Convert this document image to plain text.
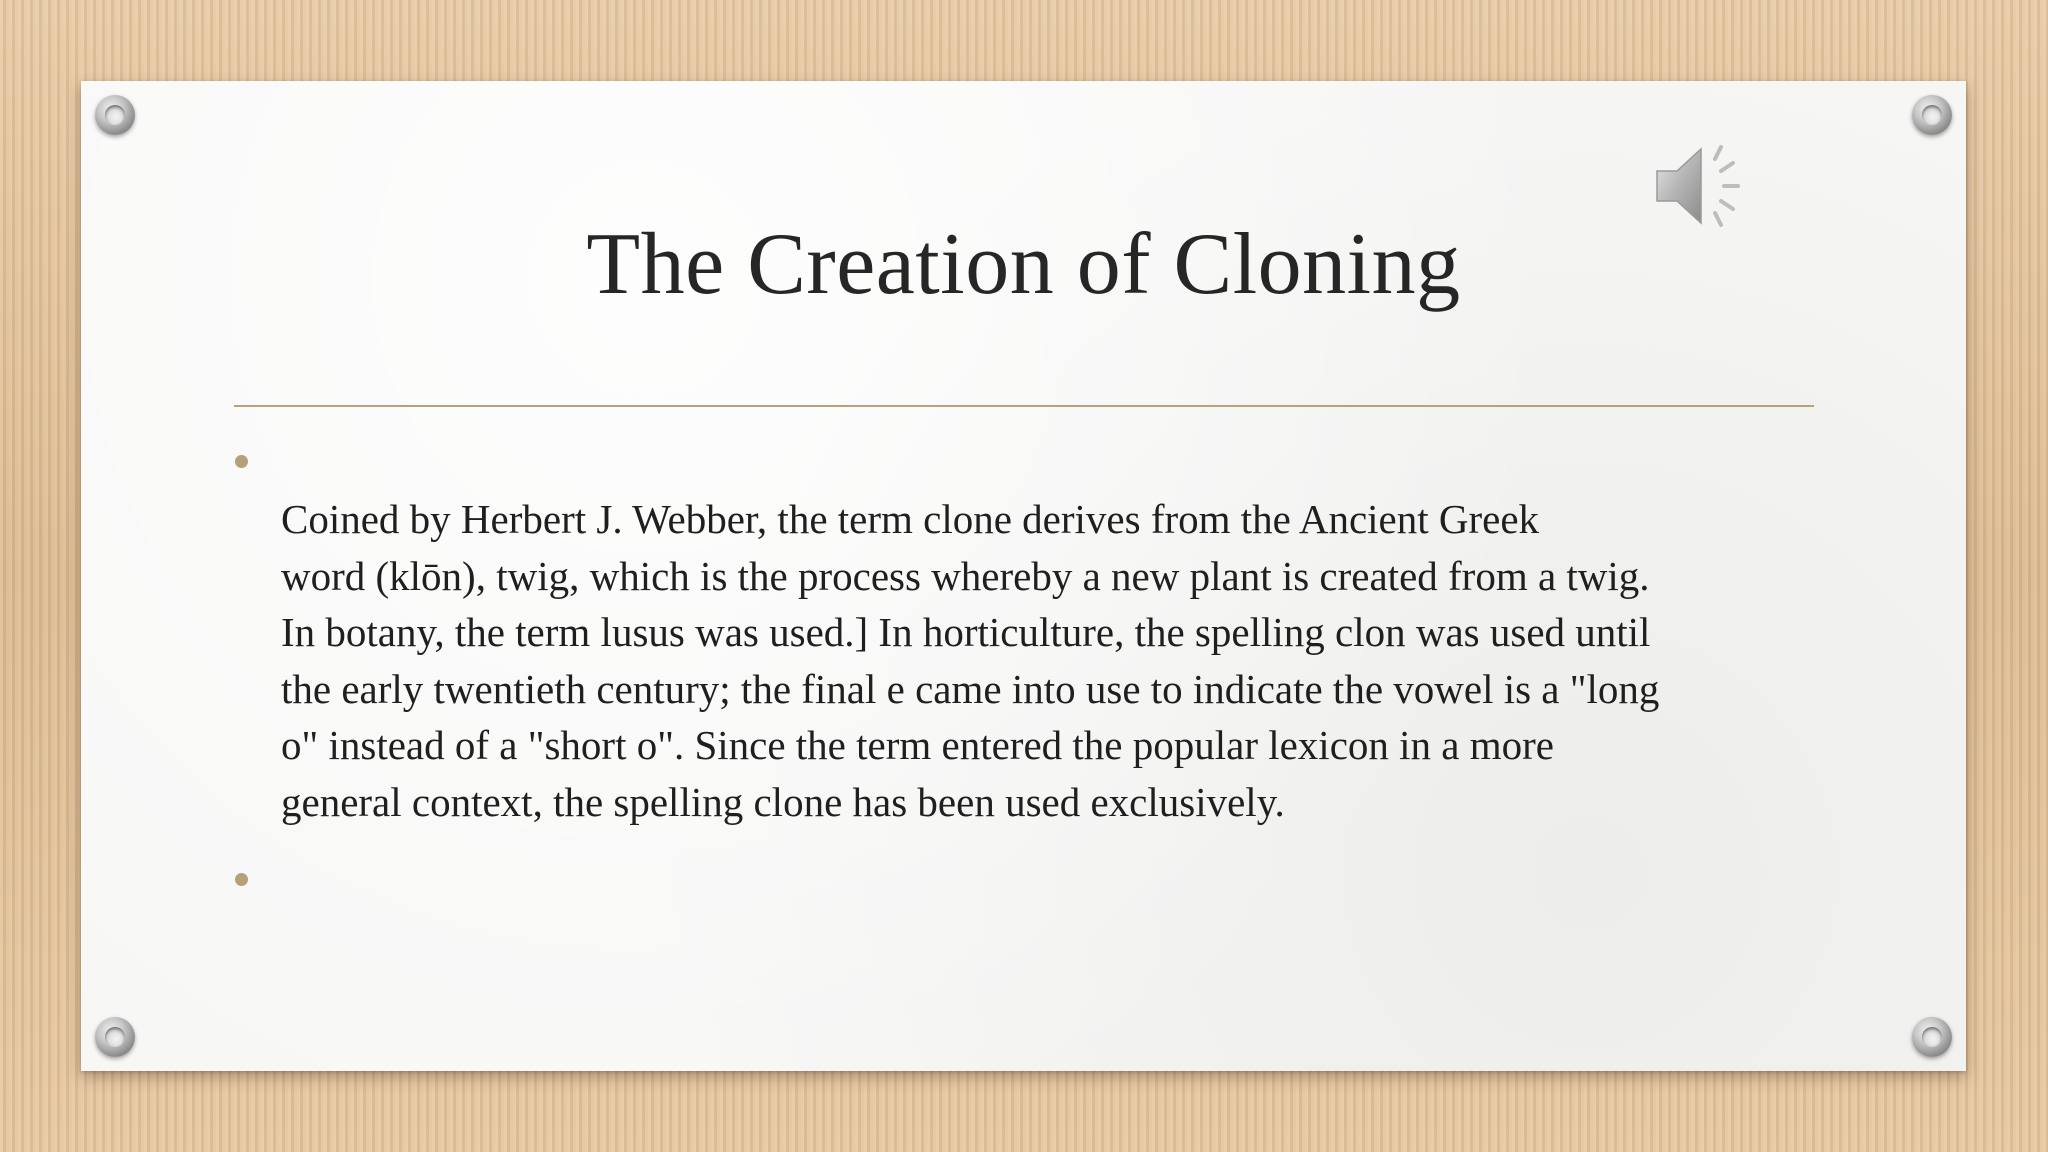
The Creation of Cloning

Coined by Herbert J. Webber, the term clone derives from the Ancient Greek
word (klōn), twig, which is the process whereby a new plant is created from a twig.
In botany, the term lusus was used.] In horticulture, the spelling clon was used until
the early twentieth century; the final e came into use to indicate the vowel is a "long
o" instead of a "short o". Since the term entered the popular lexicon in a more
general context, the spelling clone has been used exclusively.
